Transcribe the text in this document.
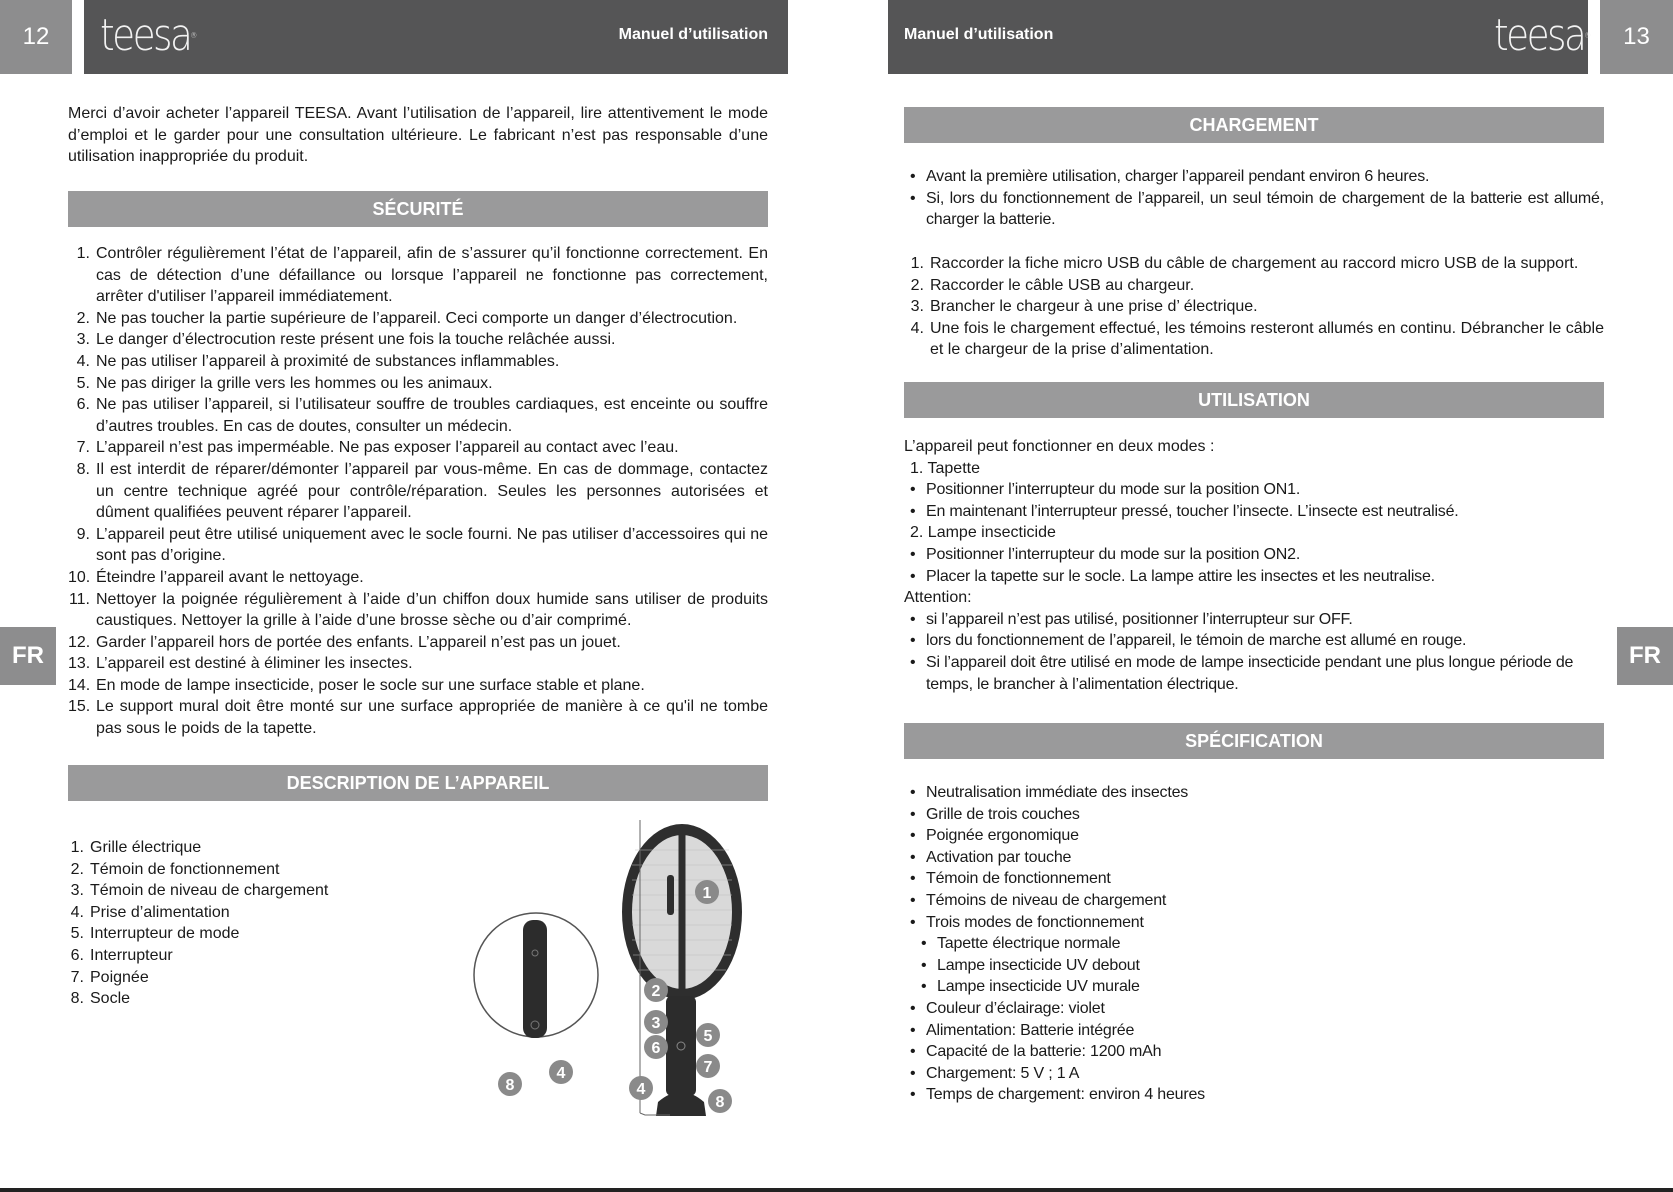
12	teesa®	Manuel d’utilisation	Manuel d’utilisation	teesa®	13
FR	FR
Merci d’avoir acheter l’appareil TEESA. Avant l’utilisation de l’appareil, lire attentivement le mode d’emploi et le garder pour une consultation ultérieure. Le fabricant n’est pas responsable d’une utilisation inappropriée du produit.
SÉCURITÉ
1. Contrôler régulièrement l’état de l’appareil, afin de s’assurer qu’il fonctionne correctement. En cas de détection d’une défaillance ou lorsque l’appareil ne fonctionne pas correctement, arrêter d'utiliser l’appareil immédiatement.
2. Ne pas toucher la partie supérieure de l’appareil. Ceci comporte un danger d’électrocution.
3. Le danger d’électrocution reste présent une fois la touche relâchée aussi.
4. Ne pas utiliser l’appareil à proximité de substances inflammables.
5. Ne pas diriger la grille vers les hommes ou les animaux.
6. Ne pas utiliser l’appareil, si l’utilisateur souffre de troubles cardiaques, est enceinte ou souffre d’autres troubles. En cas de doutes, consulter un médecin.
7. L’appareil n’est pas imperméable. Ne pas exposer l’appareil au contact avec l’eau.
8. Il est interdit de réparer/démonter l’appareil par vous-même. En cas de dommage, contactez un centre technique agréé pour contrôle/réparation. Seules les personnes autorisées et dûment qualifiées peuvent réparer l’appareil.
9. L’appareil peut être utilisé uniquement avec le socle fourni. Ne pas utiliser d’accessoires qui ne sont pas d’origine.
10. Éteindre l’appareil avant le nettoyage.
11. Nettoyer la poignée régulièrement à l’aide d’un chiffon doux humide sans utiliser de produits caustiques. Nettoyer la grille à l’aide d’une brosse sèche ou d’air comprimé.
12. Garder l’appareil hors de portée des enfants. L’appareil n’est pas un jouet.
13. L’appareil est destiné à éliminer les insectes.
14. En mode de lampe insecticide, poser le socle sur une surface stable et plane.
15. Le support mural doit être monté sur une surface appropriée de manière à ce qu'il ne tombe pas sous le poids de la tapette.
DESCRIPTION DE L’APPAREIL
1. Grille électrique
2. Témoin de fonctionnement
3. Témoin de niveau de chargement
4. Prise d’alimentation
5. Interrupteur de mode
6. Interrupteur
7. Poignée
8. Socle
1
2
3
4
4
5
6
7
8
8
CHARGEMENT
• Avant la première utilisation, charger l’appareil pendant environ 6 heures.
• Si, lors du fonctionnement de l’appareil, un seul témoin de chargement de la batterie est allumé, charger la batterie.
1. Raccorder la fiche micro USB du câble de chargement au raccord micro USB de la support.
2. Raccorder le câble USB au chargeur.
3. Brancher le chargeur à une prise d’ électrique.
4. Une fois le chargement effectué, les témoins resteront allumés en continu. Débrancher le câble et le chargeur de la prise d’alimentation.
UTILISATION
L’appareil peut fonctionner en deux modes :
1. Tapette
• Positionner l’interrupteur du mode sur la position ON1.
• En maintenant l’interrupteur pressé, toucher l’insecte. L’insecte est neutralisé.
2. Lampe insecticide
• Positionner l’interrupteur du mode sur la position ON2.
• Placer la tapette sur le socle. La lampe attire les insectes et les neutralise.
Attention:
• si l’appareil n’est pas utilisé, positionner l’interrupteur sur OFF.
• lors du fonctionnement de l’appareil, le témoin de marche est allumé en rouge.
• Si l’appareil doit être utilisé en mode de lampe insecticide pendant une plus longue période de temps, le brancher à l’alimentation électrique.
SPÉCIFICATION
• Neutralisation immédiate des insectes
• Grille de trois couches
• Poignée ergonomique
• Activation par touche
• Témoin de fonctionnement
• Témoins de niveau de chargement
• Trois modes de fonctionnement
• Tapette électrique normale
• Lampe insecticide UV debout
• Lampe insecticide UV murale
• Couleur d’éclairage: violet
• Alimentation: Batterie intégrée
• Capacité de la batterie: 1200 mAh
• Chargement: 5 V ; 1 A
• Temps de chargement: environ 4 heures
